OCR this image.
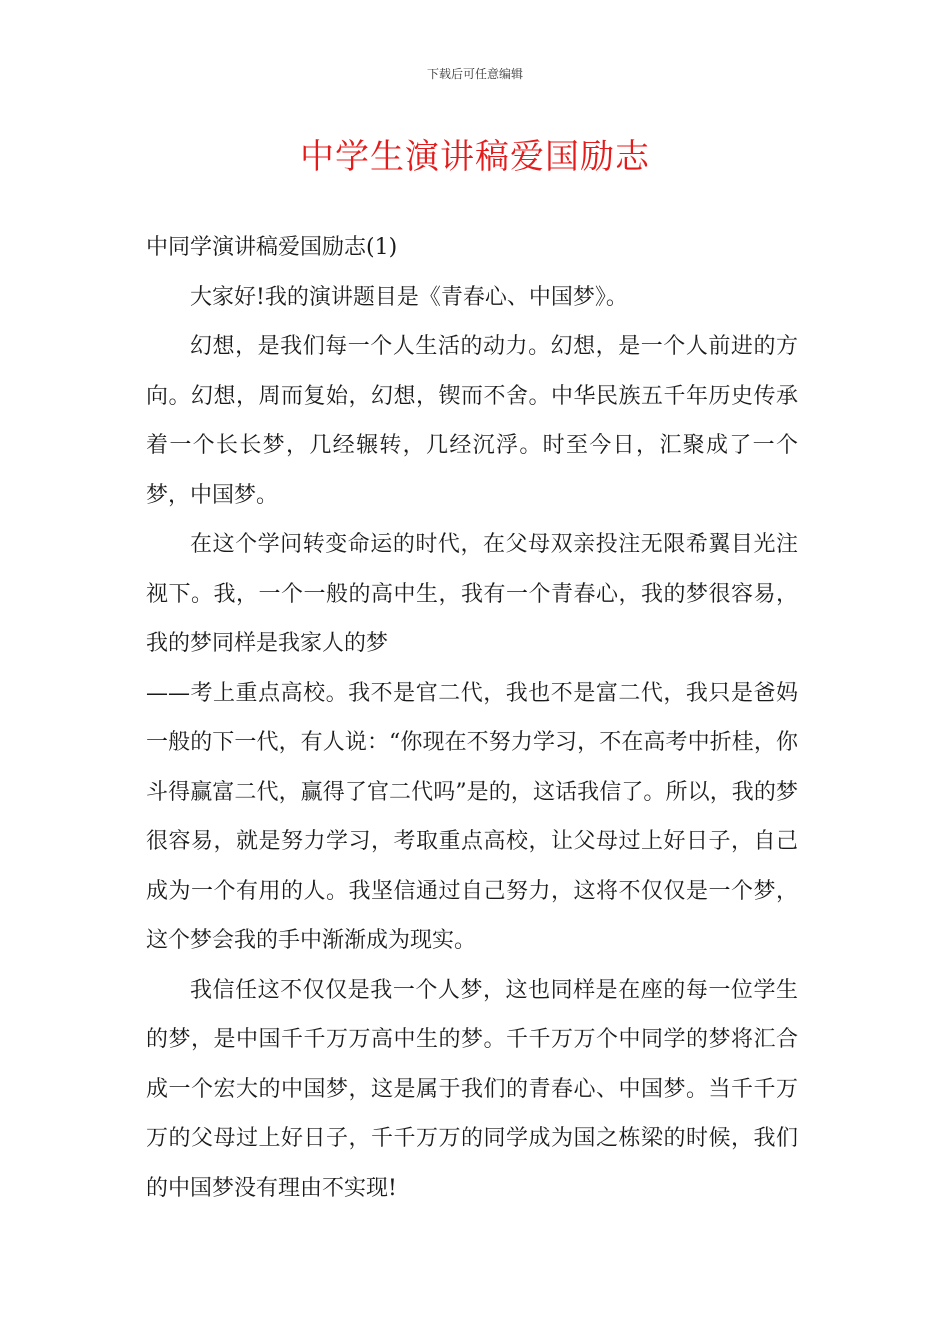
下载后可任意编辑
中学生演讲稿爱国励志

中同学演讲稿爱国励志(1)

大家好!我的演讲题目是《青春心、中国梦》。

幻想，是我们每一个人生活的动力。幻想，是一个人前进的方向。幻想，周而复始，幻想，锲而不舍。中华民族五千年历史传承着一个长长梦，几经辗转，几经沉浮。时至今日，汇聚成了一个梦，中国梦。

在这个学问转变命运的时代，在父母双亲投注无限希翼目光注视下。我，一个一般的高中生，我有一个青春心，我的梦很容易，我的梦同样是我家人的梦

——考上重点高校。我不是官二代，我也不是富二代，我只是爸妈一般的下一代，有人说：“你现在不努力学习，不在高考中折桂，你斗得赢富二代，赢得了官二代吗”是的，这话我信了。所以，我的梦很容易，就是努力学习，考取重点高校，让父母过上好日子，自己成为一个有用的人。我坚信通过自己努力，这将不仅仅是一个梦，这个梦会我的手中渐渐成为现实。

我信任这不仅仅是我一个人梦，这也同样是在座的每一位学生的梦，是中国千千万万高中生的梦。千千万万个中同学的梦将汇合成一个宏大的中国梦，这是属于我们的青春心、中国梦。当千千万万的父母过上好日子，千千万万的同学成为国之栋梁的时候，我们的中国梦没有理由不实现!
